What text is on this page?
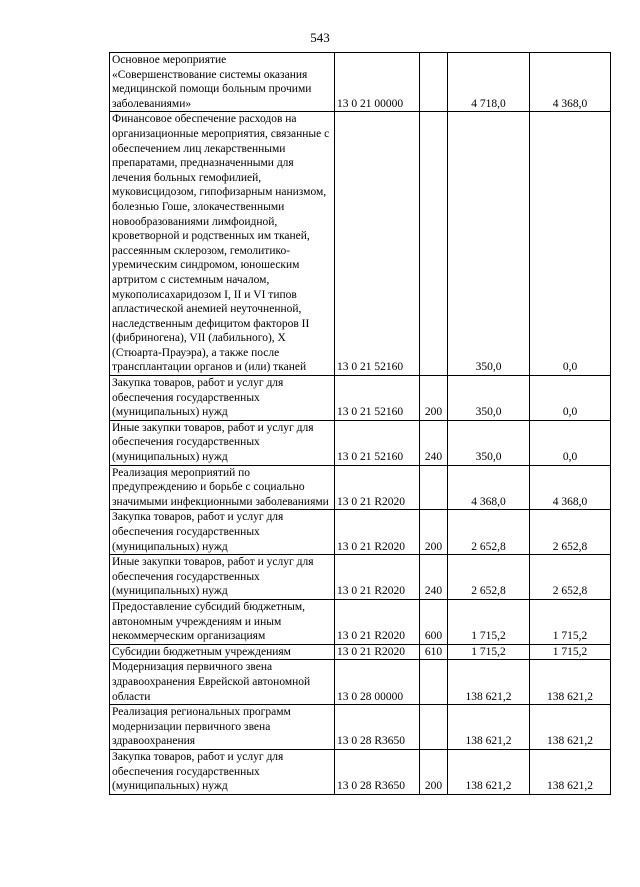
543
Основное мероприятие «Совершенствование системы оказания медицинской помощи больным прочими заболеваниями»	13 0 21 00000		4 718,0	4 368,0
Финансовое обеспечение расходов на организационные мероприятия, связанные с обеспечением лиц лекарственными препаратами, предназначенными для лечения больных гемофилией, муковисцидозом, гипофизарным нанизмом, болезнью Гоше, злокачественными новообразованиями лимфоидной, кроветворной и родственных им тканей, рассеянным склерозом, гемолитико-уремическим синдромом, юношеским артритом с системным началом, мукополисахаридозом I, II и VI типов апластической анемией неуточненной, наследственным дефицитом факторов II (фибриногена), VII (лабильного), X (Стюарта-Прауэра), а также после трансплантации органов и (или) тканей	13 0 21 52160		350,0	0,0
Закупка товаров, работ и услуг для обеспечения государственных (муниципальных) нужд	13 0 21 52160	200	350,0	0,0
Иные закупки товаров, работ и услуг для обеспечения государственных (муниципальных) нужд	13 0 21 52160	240	350,0	0,0
Реализация мероприятий по предупреждению и борьбе с социально значимыми инфекционными заболеваниями	13 0 21 R2020		4 368,0	4 368,0
Закупка товаров, работ и услуг для обеспечения государственных (муниципальных) нужд	13 0 21 R2020	200	2 652,8	2 652,8
Иные закупки товаров, работ и услуг для обеспечения государственных (муниципальных) нужд	13 0 21 R2020	240	2 652,8	2 652,8
Предоставление субсидий бюджетным, автономным учреждениям и иным некоммерческим организациям	13 0 21 R2020	600	1 715,2	1 715,2
Субсидии бюджетным учреждениям	13 0 21 R2020	610	1 715,2	1 715,2
Модернизация первичного звена здравоохранения Еврейской автономной области	13 0 28 00000		138 621,2	138 621,2
Реализация региональных программ модернизации первичного звена здравоохранения	13 0 28 R3650		138 621,2	138 621,2
Закупка товаров, работ и услуг для обеспечения государственных (муниципальных) нужд	13 0 28 R3650	200	138 621,2	138 621,2
